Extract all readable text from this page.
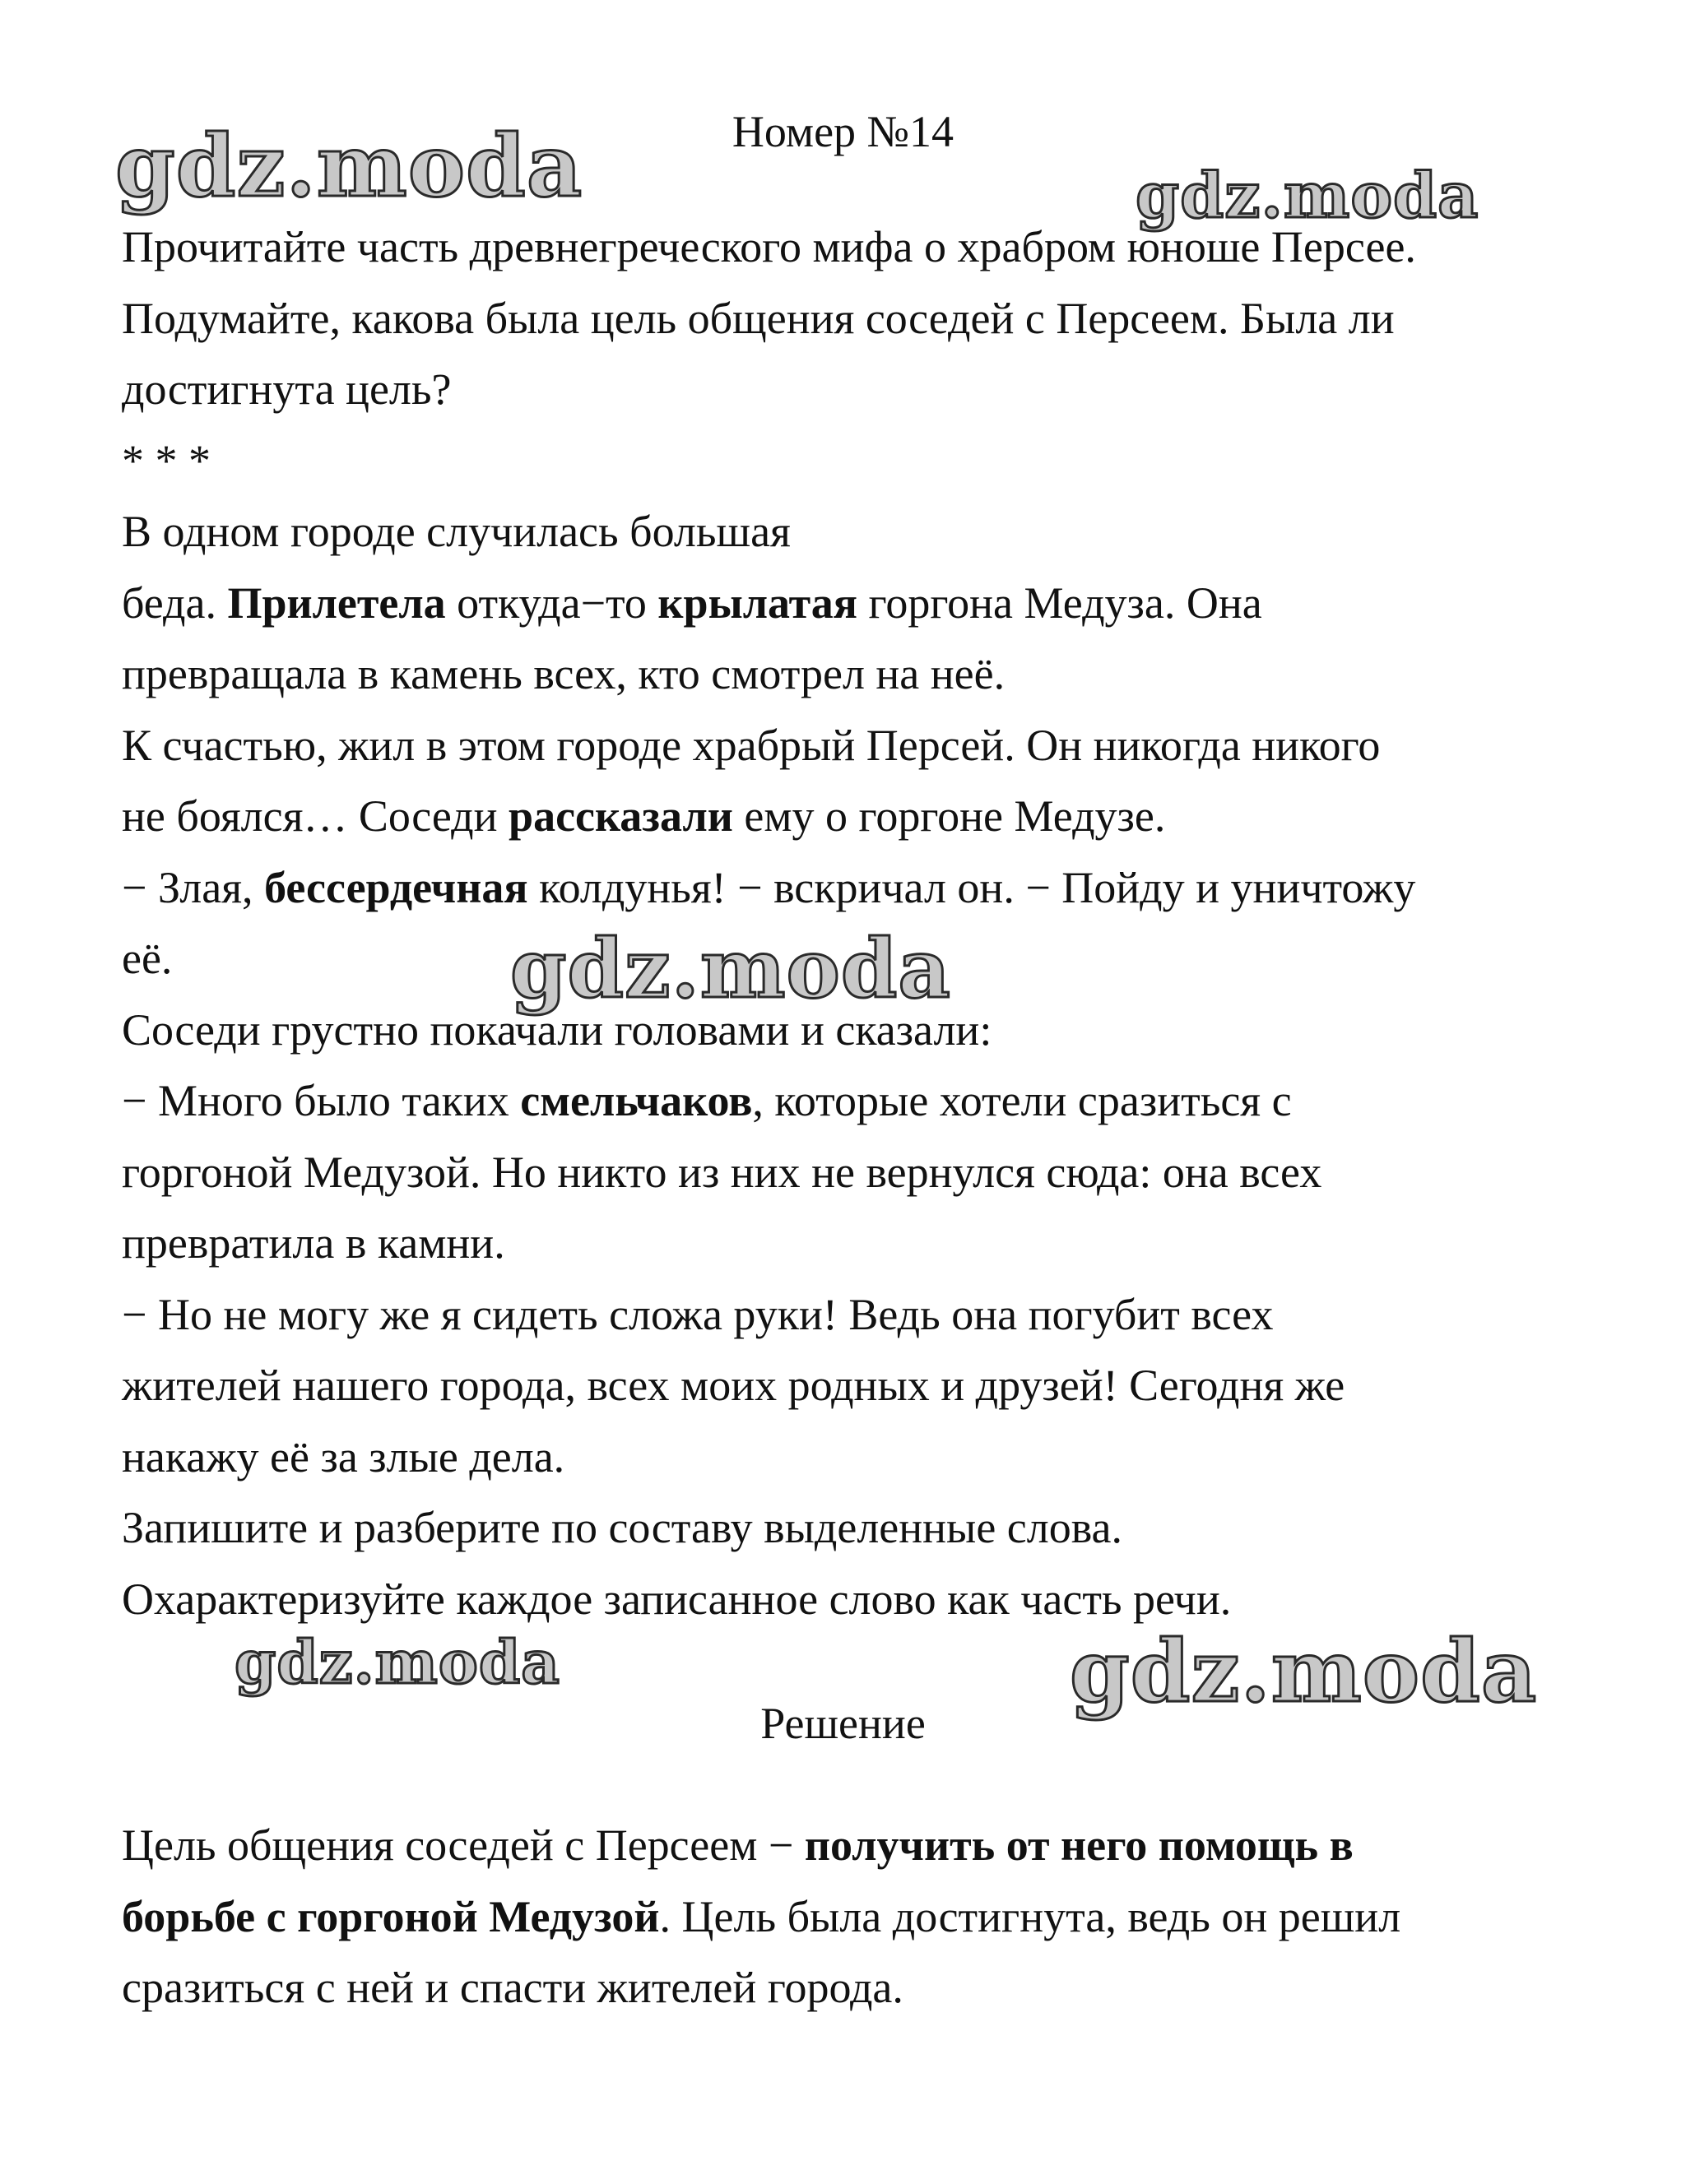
Номер №14
Прочитайте часть древнегреческого мифа о храбром юноше Персее.
Подумайте, какова была цель общения соседей с Персеем. Была ли
достигнута цель?
* * *
В одном городе случилась большая
беда. Прилетела откуда−то крылатая горгона Медуза. Она
превращала в камень всех, кто смотрел на неё.
К счастью, жил в этом городе храбрый Персей. Он никогда никого
не боялся… Соседи рассказали ему о горгоне Медузе.
− Злая, бессердечная колдунья! − вскричал он. − Пойду и уничтожу
её.
Соседи грустно покачали головами и сказали:
− Много было таких смельчаков, которые хотели сразиться с
горгоной Медузой. Но никто из них не вернулся сюда: она всех
превратила в камни.
− Но не могу же я сидеть сложа руки! Ведь она погубит всех
жителей нашего города, всех моих родных и друзей! Сегодня же
накажу её за злые дела.
Запишите и разберите по составу выделенные слова.
Охарактеризуйте каждое записанное слово как часть речи.
Решение
Цель общения соседей с Персеем − получить от него помощь в
борьбе с горгоной Медузой. Цель была достигнута, ведь он решил
сразиться с ней и спасти жителей города.
gdz.moda	gdz.moda
gdz.moda
gdz.moda	gdz.moda
